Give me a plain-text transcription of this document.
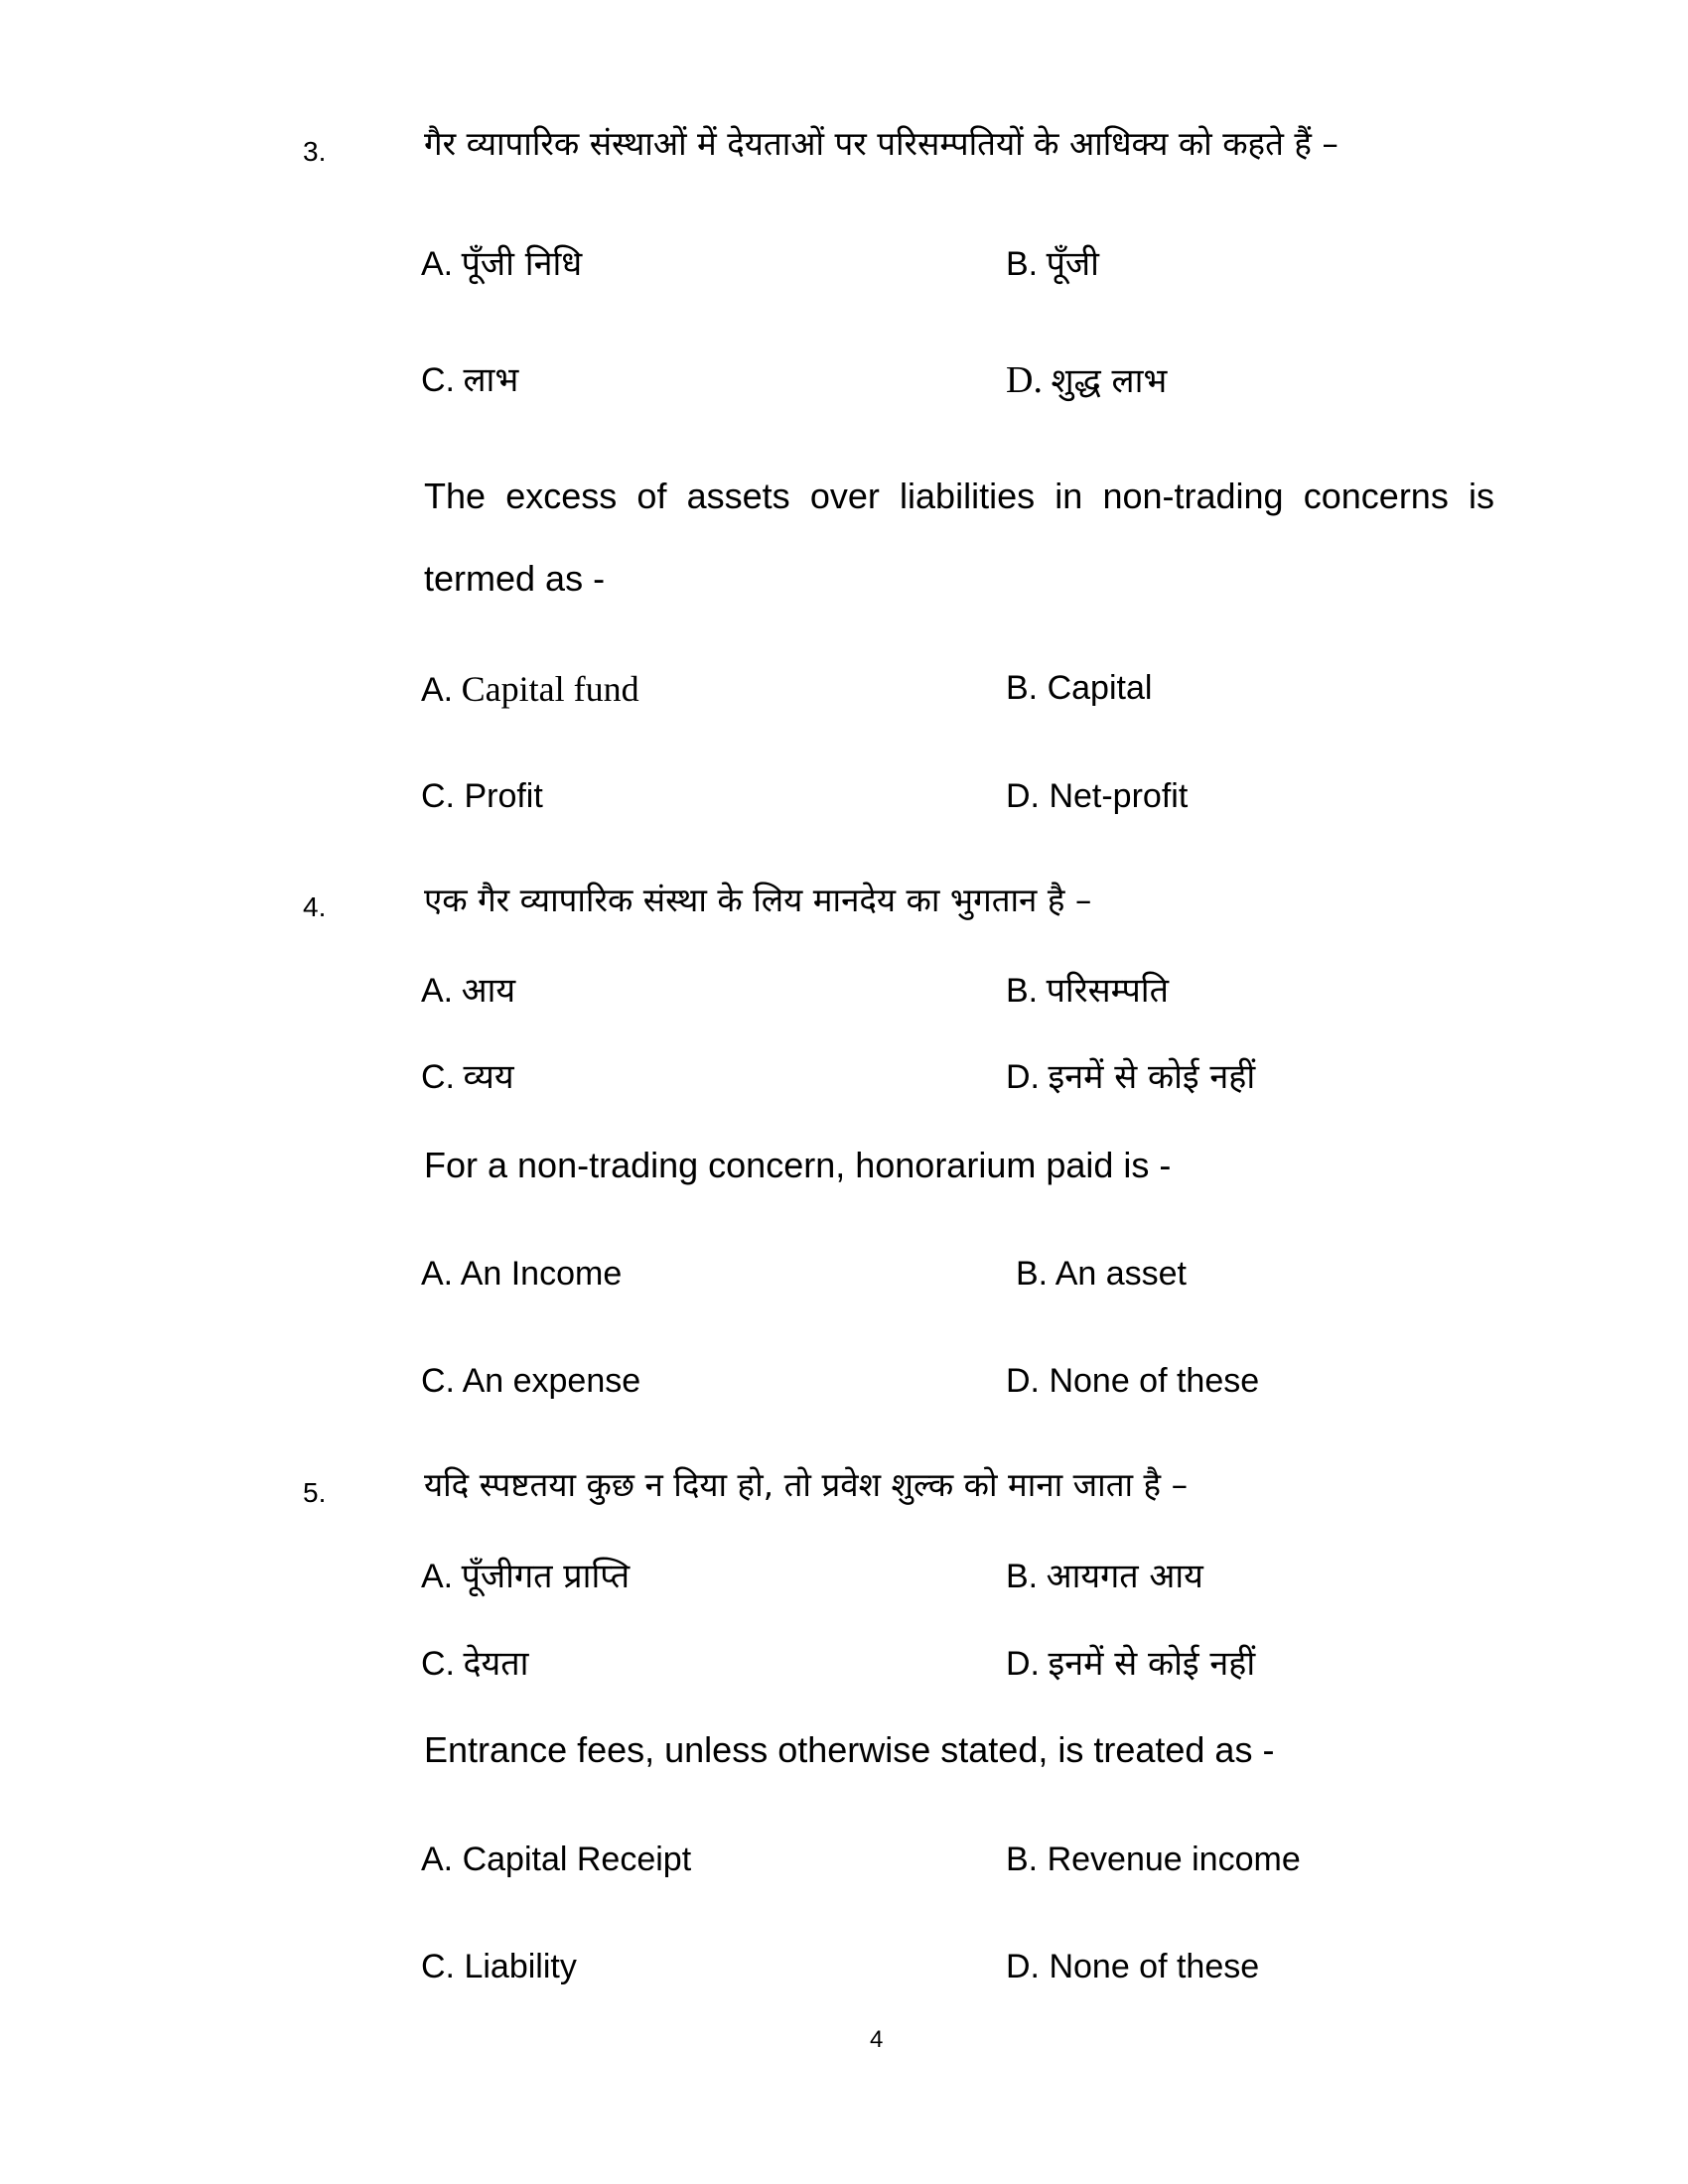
3.	गैर व्यापारिक संस्थाओं में देयताओं पर परिसम्पतियों के आधिक्य को कहते हैं –
A. पूँजी निधि	B. पूँजी
C. लाभ	D. शुद्ध लाभ
The excess of assets over liabilities in non-trading concerns is
termed as -
A. Capital fund	B. Capital
C. Profit	D. Net-profit
4.	एक गैर व्यापारिक संस्था के लिय मानदेय का भुगतान है –
A. आय	B. परिसम्पति
C. व्यय	D. इनमें से कोई नहीं
For a non-trading concern, honorarium paid is -
A. An Income	B. An asset
C. An expense	D. None of these
5.	यदि स्पष्टतया कुछ न दिया हो, तो प्रवेश शुल्क को माना जाता है –
A. पूँजीगत प्राप्ति	B. आयगत आय
C. देयता	D. इनमें से कोई नहीं
Entrance fees, unless otherwise stated, is treated as -
A. Capital Receipt	B. Revenue income
C. Liability	D. None of these
4
